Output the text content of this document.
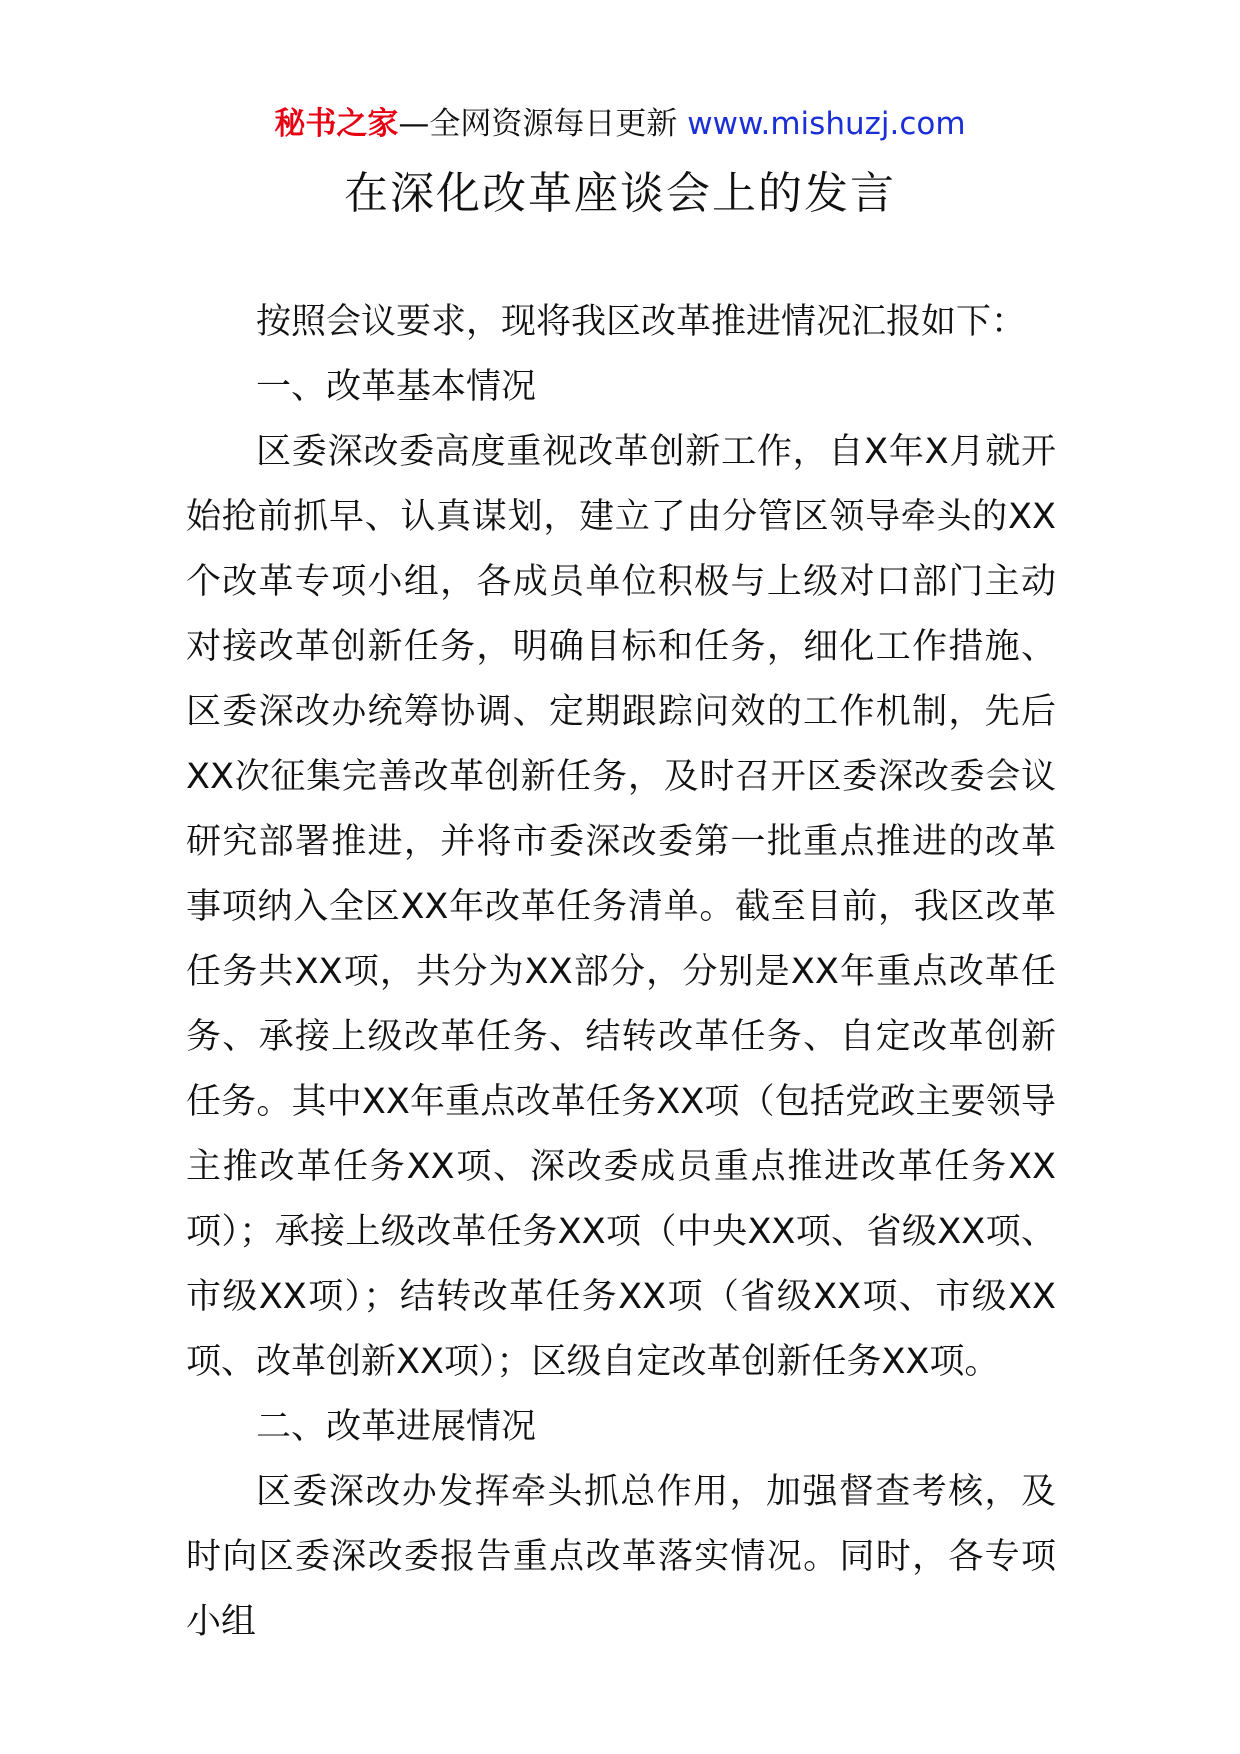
秘书之家—全网资源每日更新 www.mishuzj.com
在深化改革座谈会上的发言

按照会议要求，现将我区改革推进情况汇报如下：

一、改革基本情况

区委深改委高度重视改革创新工作，自X年X月就开始抢前抓早、认真谋划，建立了由分管区领导牵头的XX个改革专项小组，各成员单位积极与上级对口部门主动对接改革创新任务，明确目标和任务，细化工作措施、区委深改办统筹协调、定期跟踪问效的工作机制，先后XX次征集完善改革创新任务，及时召开区委深改委会议研究部署推进，并将市委深改委第一批重点推进的改革事项纳入全区XX年改革任务清单。截至目前，我区改革任务共XX项，共分为XX部分，分别是XX年重点改革任务、承接上级改革任务、结转改革任务、自定改革创新任务。其中XX年重点改革任务XX项（包括党政主要领导主推改革任务XX项、深改委成员重点推进改革任务XX项）；承接上级改革任务XX项（中央XX项、省级XX项、市级XX项）；结转改革任务XX项（省级XX项、市级XX项、改革创新XX项）；区级自定改革创新任务XX项。

二、改革进展情况

区委深改办发挥牵头抓总作用，加强督查考核，及时向区委深改委报告重点改革落实情况。同时，各专项小组
